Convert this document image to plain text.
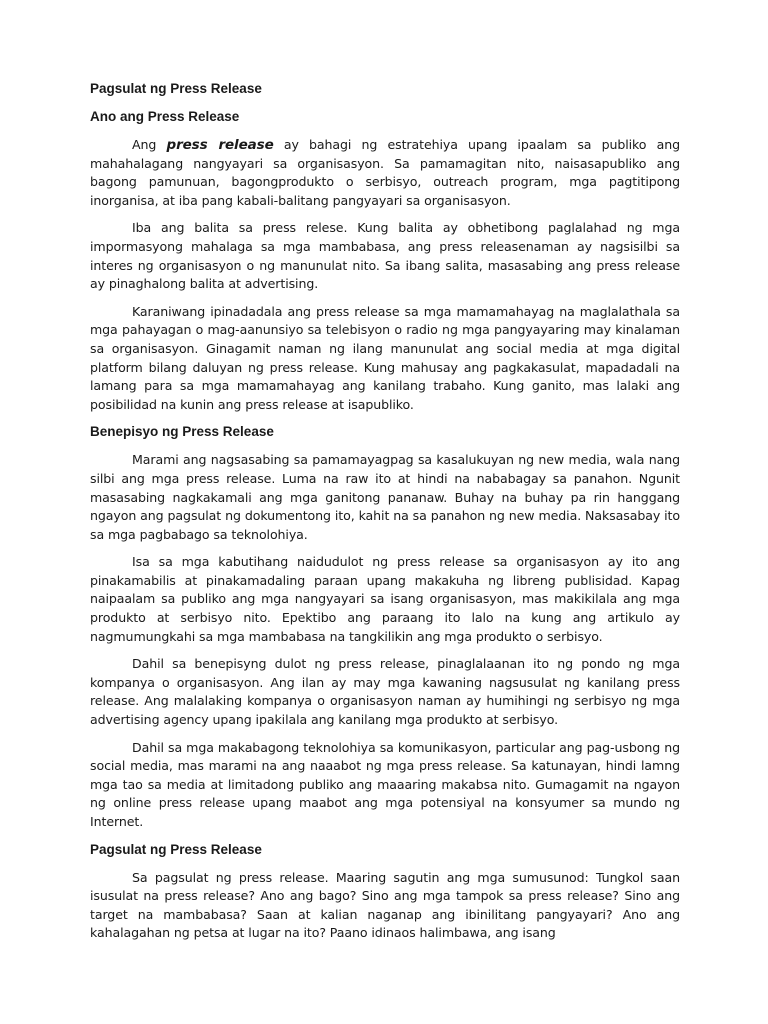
Pagsulat ng Press Release
Ano ang Press Release

Ang press release ay bahagi ng estratehiya upang ipaalam sa publiko ang mahahalagang nangyayari sa organisasyon. Sa pamamagitan nito, naisasapubliko ang bagong pamunuan, bagongprodukto o serbisyo, outreach program, mga pagtitipong inorganisa, at iba pang kabali-balitang pangyayari sa organisasyon.

Iba ang balita sa press relese. Kung balita ay obhetibong paglalahad ng mga impormasyong mahalaga sa mga mambabasa, ang press releasenaman ay nagsisilbi sa interes ng organisasyon o ng manunulat nito. Sa ibang salita, masasabing ang press release ay pinaghalong balita at advertising.

Karaniwang ipinadadala ang press release sa mga mamamahayag na maglalathala sa mga pahayagan o mag-aanunsiyo sa telebisyon o radio ng mga pangyayaring may kinalaman sa organisasyon. Ginagamit naman ng ilang manunulat ang social media at mga digital platform bilang daluyan ng press release. Kung mahusay ang pagkakasulat, mapadadali na lamang para sa mga mamamahayag ang kanilang trabaho. Kung ganito, mas lalaki ang posibilidad na kunin ang press release at isapubliko.

Benepisyo ng Press Release

Marami ang nagsasabing sa pamamayagpag sa kasalukuyan ng new media, wala nang silbi ang mga press release. Luma na raw ito at hindi na nababagay sa panahon. Ngunit masasabing nagkakamali ang mga ganitong pananaw. Buhay na buhay pa rin hanggang ngayon ang pagsulat ng dokumentong ito, kahit na sa panahon ng new media. Naksasabay ito sa mga pagbabago sa teknolohiya.

Isa sa mga kabutihang naidudulot ng press release sa organisasyon ay ito ang pinakamabilis at pinakamadaling paraan upang makakuha ng libreng publisidad. Kapag naipaalam sa publiko ang mga nangyayari sa isang organisasyon, mas makikilala ang mga produkto at serbisyo nito. Epektibo ang paraang ito lalo na kung ang artikulo ay nagmumungkahi sa mga mambabasa na tangkilikin ang mga produkto o serbisyo.

Dahil sa benepisyng dulot ng press release, pinaglalaanan ito ng pondo ng mga kompanya o organisasyon. Ang ilan ay may mga kawaning nagsusulat ng kanilang press release. Ang malalaking kompanya o organisasyon naman ay humihingi ng serbisyo ng mga advertising agency upang ipakilala ang kanilang mga produkto at serbisyo.

Dahil sa mga makabagong teknolohiya sa komunikasyon, particular ang pag-usbong ng social media, mas marami na ang naaabot ng mga press release. Sa katunayan, hindi lamng mga tao sa media at limitadong publiko ang maaaring makabsa nito. Gumagamit na ngayon ng online press release upang maabot ang mga potensiyal na konsyumer sa mundo ng Internet.

Pagsulat ng Press Release

Sa pagsulat ng press release. Maaring sagutin ang mga sumusunod: Tungkol saan isusulat na press release? Ano ang bago? Sino ang mga tampok sa press release? Sino ang target na mambabasa? Saan at kalian naganap ang ibinilitang pangyayari? Ano ang kahalagahan ng petsa at lugar na ito? Paano idinaos halimbawa, ang isang
